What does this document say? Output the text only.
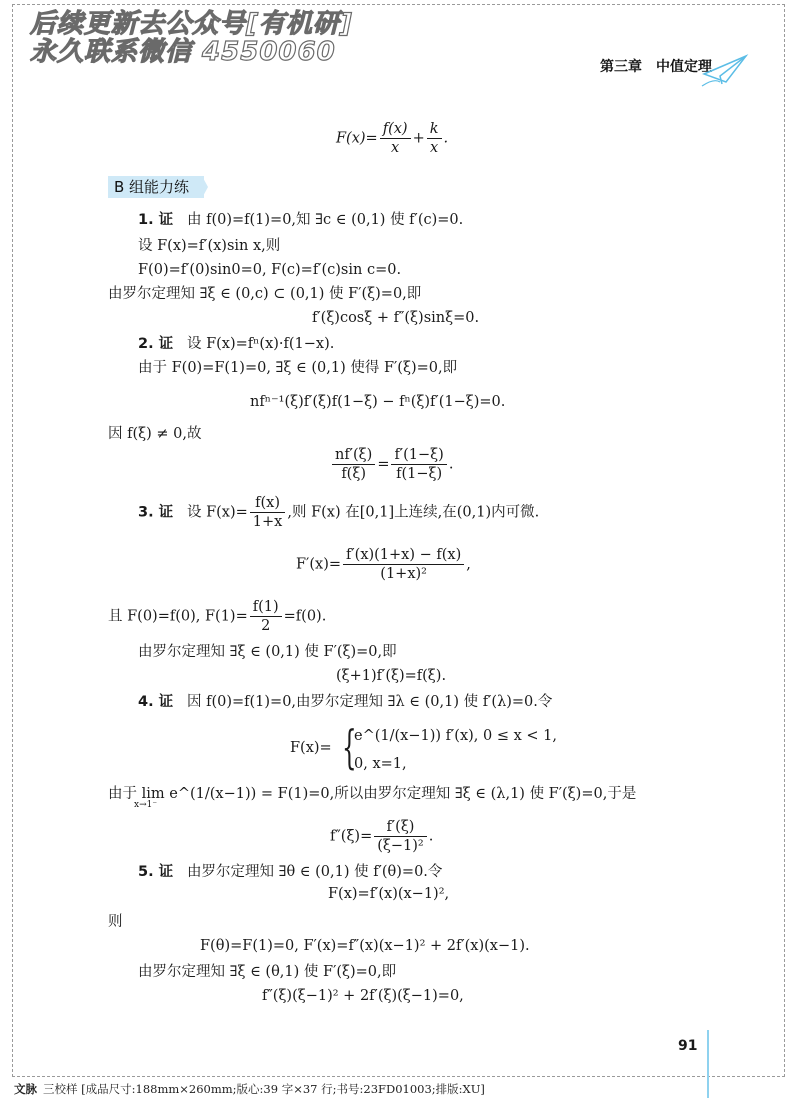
后续更新去公众号[有机研]
永久联系微信 4550060	第三章 中值定理
$F(x)= \frac{f(x)}{x} + \frac{k}{x}$ .
B 组能力练
1. 证 由 f(0)=f(1)=0,知 ∃c ∈ (0,1) 使 f′(c)=0.
设 F(x)=f′(x)sin x,则
F(0)=f′(0)sin0=0, F(c)=f′(c)sin c=0.
由罗尔定理知 ∃ξ ∈ (0,c) ⊂ (0,1) 使 F′(ξ)=0,即
f′(ξ)cosξ + f″(ξ)sinξ=0.
2. 证 设 F(x)=fⁿ(x)·f(1−x).
由于 F(0)=F(1)=0, ∃ξ ∈ (0,1) 使得 F′(ξ)=0,即
nfⁿ⁻¹(ξ)f′(ξ)f(1−ξ) − fⁿ(ξ)f′(1−ξ)=0.
因 f(ξ) ≠ 0,故
$\frac{nf'(\xi)}{f(\xi)} = \frac{f'(1-\xi)}{f(1-\xi)}$ .
3. 证 设 $F(x)= \frac{f(x)}{1+x}$ ,则 F(x) 在[0,1]上连续,在(0,1)内可微.
$F'(x)= \frac{f'(x)(1+x) - f(x)}{\text{(1+x)²}}$ ,
且 F(0)=f(0), $F(1)= \frac{f(1)}{2} =f(0)$.
由罗尔定理知 ∃ξ ∈ (0,1) 使 F′(ξ)=0,即
(ξ+1)f′(ξ)=f(ξ).
4. 证 因 f(0)=f(1)=0,由罗尔定理知 ∃λ ∈ (0,1) 使 f′(λ)=0.令
F(x)= {
e^(1/(x−1)) f′(x), 0 ≤ x < 1,
0, x=1,
由于 lim e^(1/(x−1)) = F(1)=0,所以由罗尔定理知 ∃ξ ∈ (λ,1) 使 F′(ξ)=0,于是
x→1⁻
$f''(\xi)= \frac{f'(\xi)}{\text{(ξ−1)²}}$ .
5. 证 由罗尔定理知 ∃θ ∈ (0,1) 使 f′(θ)=0.令
F(x)=f′(x)(x−1)²,
则
F(θ)=F(1)=0, F′(x)=f″(x)(x−1)² + 2f′(x)(x−1).
由罗尔定理知 ∃ξ ∈ (θ,1) 使 F′(ξ)=0,即
f″(ξ)(ξ−1)² + 2f′(ξ)(ξ−1)=0,
91
文脉 三校样 [成品尺寸:188mm×260mm;版心:39 字×37 行;书号:23FD01003;排版:XU]
